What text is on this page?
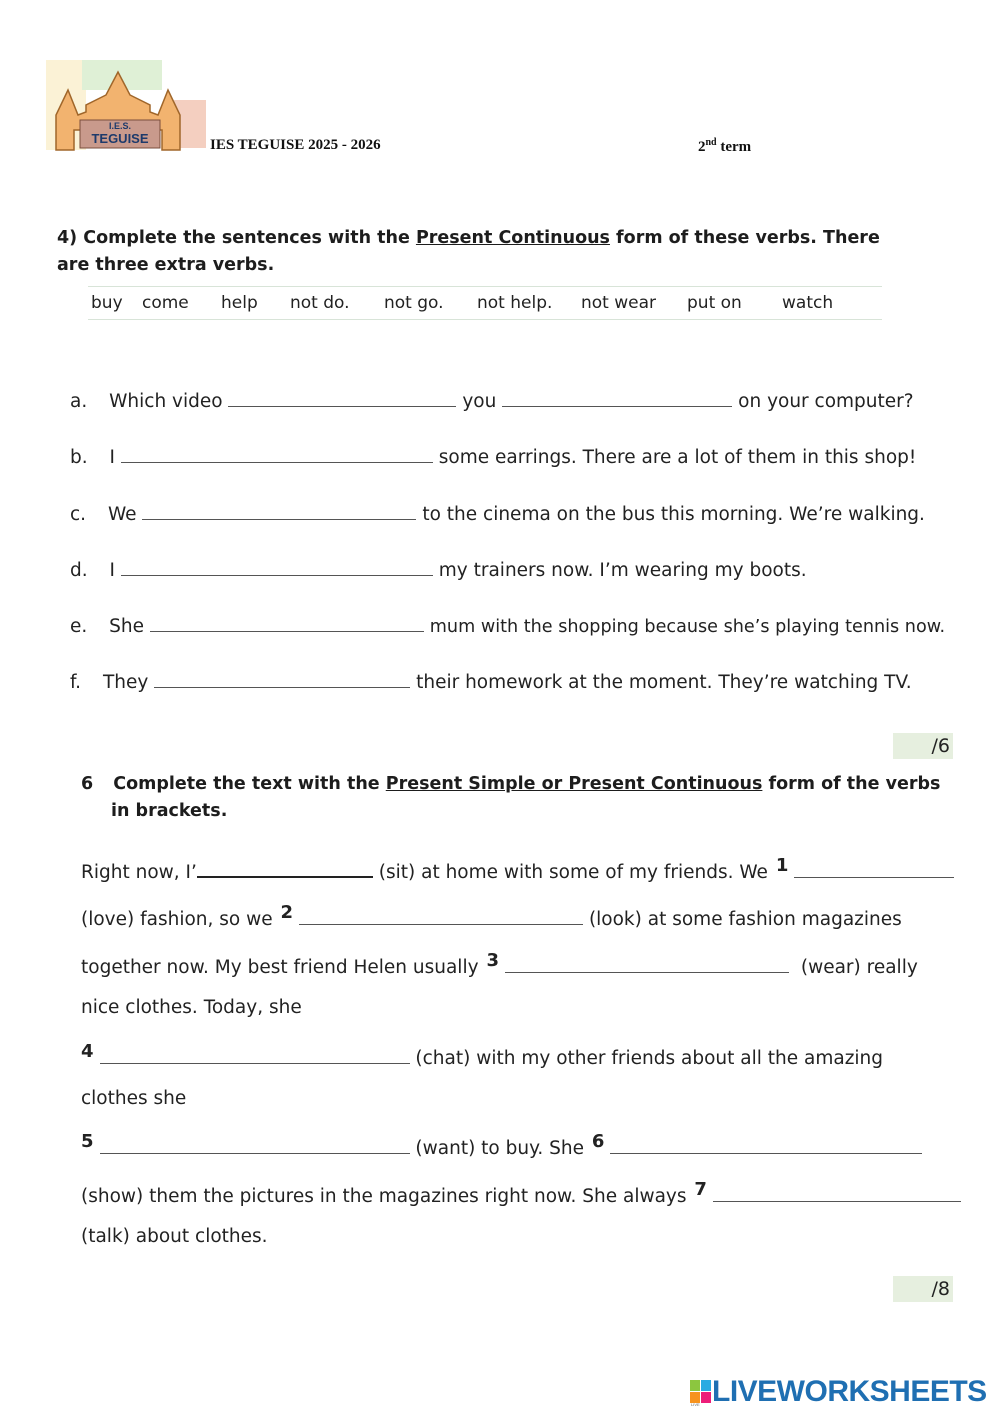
I.E.S.
TEGUISE	IES TEGUISE 2025 - 2026	2nd term
4) Complete the sentences with the Present Continuous form of these verbs. There
are three extra verbs.
buy come help not do. not go. not help. not wear put on watch
a. Which video	you	on your computer?
b. I	some earrings. There are a lot of them in this shop!
c. We	to the cinema on the bus this morning. We’re walking.
d. I	my trainers now. I’m wearing my boots.
e. She	mum with the shopping because she’s playing tennis now.
f. They	their homework at the moment. They’re watching TV.
/6
6 Complete the text with the Present Simple or Present Continuous form of the verbs
in brackets.
Right now, I’	(sit) at home with some of my friends. We 1
(love) fashion, so we 2	(look) at some fashion magazines
together now. My best friend Helen usually 3	(wear) really
nice clothes. Today, she
4	(chat) with my other friends about all the amazing
clothes she
5	(want) to buy. She 6
(show) them the pictures in the magazines right now. She always 7
(talk) about clothes.
/8
LIVE LIVEWORKSHEETS
